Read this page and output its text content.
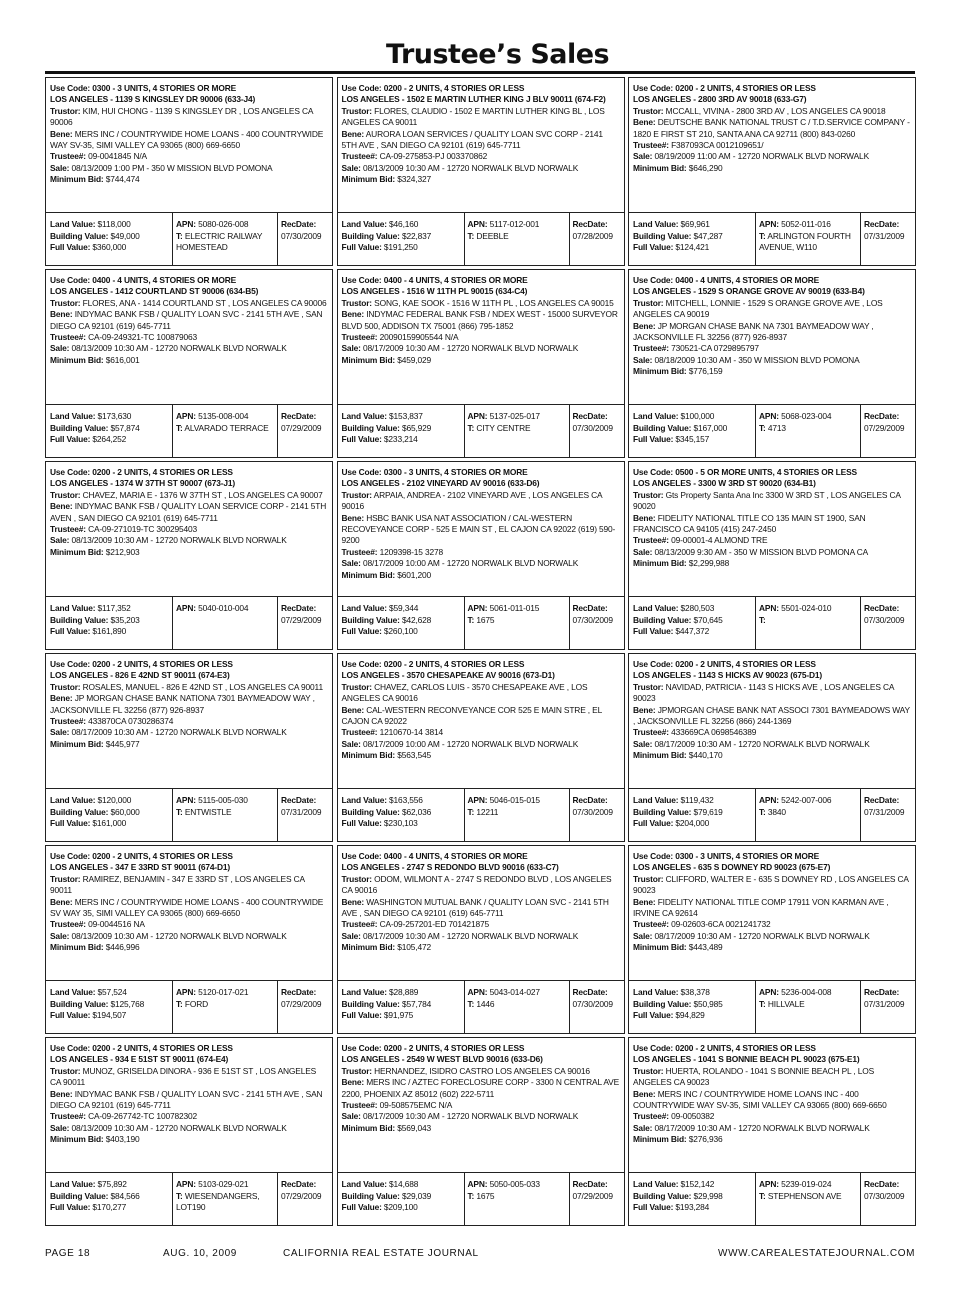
Trustee’s Sales
Use Code: 0300 - 3 UNITS, 4 STORIES OR MORE
LOS ANGELES - 1139 S KINGSLEY DR 90006 (633-J4)
Trustor: KIM, HUI CHONG - 1139 S KINGSLEY DR , LOS ANGELES CA 90006
Bene: MERS INC / COUNTRYWIDE HOME LOANS - 400 COUNTRYWIDE WAY SV-35, SIMI VALLEY CA 93065 (800) 669-6650
Trustee#: 09-0041845 N/A
Sale: 08/13/2009 1:00 PM - 350 W MISSION BLVD POMONA
Minimum Bid: $744,474
Land Value: $118,000
Building Value: $49,000
Full Value: $360,000
APN: 5080-026-008
T: ELECTRIC RAILWAY HOMESTEAD
RecDate:
07/30/2009
Use Code: 0200 - 2 UNITS, 4 STORIES OR LESS
LOS ANGELES - 1502 E MARTIN LUTHER KING J BLV 90011 (674-F2)
Trustor: FLORES, CLAUDIO - 1502 E MARTIN LUTHER KING BL , LOS ANGELES CA 90011
Bene: AURORA LOAN SERVICES / QUALITY LOAN SVC CORP - 2141 5TH AVE , SAN DIEGO CA 92101 (619) 645-7711
Trustee#: CA-09-275853-PJ 003370862
Sale: 08/13/2009 10:30 AM - 12720 NORWALK BLVD NORWALK
Minimum Bid: $324,327
Land Value: $46,160
Building Value: $22,837
Full Value: $191,250
APN: 5117-012-001
T: DEEBLE
RecDate:
07/28/2009
Use Code: 0200 - 2 UNITS, 4 STORIES OR LESS
LOS ANGELES - 2800 3RD AV 90018 (633-G7)
Trustor: MCCALL, VIVINA - 2800 3RD AV , LOS ANGELES CA 90018
Bene: DEUTSCHE BANK NATIONAL TRUST C / T.D.SERVICE COMPANY - 1820 E FIRST ST 210, SANTA ANA CA 92711 (800) 843-0260
Trustee#: F387093CA 0012109651/
Sale: 08/19/2009 11:00 AM - 12720 NORWALK BLVD NORWALK
Minimum Bid: $646,290
Land Value: $69,961
Building Value: $47,287
Full Value: $124,421
APN: 5052-011-016
T: ARLINGTON FOURTH AVENUE, W110
RecDate:
07/31/2009
Use Code: 0400 - 4 UNITS, 4 STORIES OR MORE
LOS ANGELES - 1412 COURTLAND ST 90006 (634-B5)
Trustor: FLORES, ANA - 1414 COURTLAND ST , LOS ANGELES CA 90006
Bene: INDYMAC BANK FSB / QUALITY LOAN SVC - 2141 5TH AVE , SAN DIEGO CA 92101 (619) 645-7711
Trustee#: CA-09-249321-TC 100879063
Sale: 08/13/2009 10:30 AM - 12720 NORWALK BLVD NORWALK
Minimum Bid: $616,001
Land Value: $173,630
Building Value: $57,874
Full Value: $264,252
APN: 5135-008-004
T: ALVARADO TERRACE
RecDate:
07/29/2009
Use Code: 0400 - 4 UNITS, 4 STORIES OR MORE
LOS ANGELES - 1516 W 11TH PL 90015 (634-C4)
Trustor: SONG, KAE SOOK - 1516 W 11TH PL , LOS ANGELES CA 90015
Bene: INDYMAC FEDERAL BANK FSB / NDEX WEST - 15000 SURVEYOR BLVD 500, ADDISON TX 75001 (866) 795-1852
Trustee#: 20090159905544 N/A
Sale: 08/17/2009 10:30 AM - 12720 NORWALK BLVD NORWALK
Minimum Bid: $459,029
Land Value: $153,837
Building Value: $65,929
Full Value: $233,214
APN: 5137-025-017
T: CITY CENTRE
RecDate:
07/30/2009
Use Code: 0400 - 4 UNITS, 4 STORIES OR MORE
LOS ANGELES - 1529 S ORANGE GROVE AV 90019 (633-B4)
Trustor: MITCHELL, LONNIE - 1529 S ORANGE GROVE AVE , LOS ANGELES CA 90019
Bene: JP MORGAN CHASE BANK NA 7301 BAYMEADOW WAY , JACKSONVILLE FL 32256 (877) 926-8937
Trustee#: 730521-CA 0729895797
Sale: 08/18/2009 10:30 AM - 350 W MISSION BLVD POMONA
Minimum Bid: $776,159
Land Value: $100,000
Building Value: $167,000
Full Value: $345,157
APN: 5068-023-004
T: 4713
RecDate:
07/29/2009
Use Code: 0200 - 2 UNITS, 4 STORIES OR LESS
LOS ANGELES - 1374 W 37TH ST 90007 (673-J1)
Trustor: CHAVEZ, MARIA E - 1376 W 37TH ST , LOS ANGELES CA 90007
Bene: INDYMAC BANK FSB / QUALITY LOAN SERVICE CORP - 2141 5TH AVEN , SAN DIEGO CA 92101 (619) 645-7711
Trustee#: CA-09-271019-TC 300295403
Sale: 08/13/2009 10:30 AM - 12720 NORWALK BLVD NORWALK
Minimum Bid: $212,903
Land Value: $117,352
Building Value: $35,203
Full Value: $161,890
APN: 5040-010-004	RecDate:
07/29/2009
Use Code: 0300 - 3 UNITS, 4 STORIES OR MORE
LOS ANGELES - 2102 VINEYARD AV 90016 (633-D6)
Trustor: ARPAIA, ANDREA - 2102 VINEYARD AVE , LOS ANGELES CA 90016
Bene: HSBC BANK USA NAT ASSOCIATION / CAL-WESTERN RECOVEYANCE CORP - 525 E MAIN ST , EL CAJON CA 92022 (619) 590-9200
Trustee#: 1209398-15 3278
Sale: 08/17/2009 10:00 AM - 12720 NORWALK BLVD NORWALK
Minimum Bid: $601,200
Land Value: $59,344
Building Value: $42,628
Full Value: $260,100
APN: 5061-011-015
T: 1675
RecDate:
07/30/2009
Use Code: 0500 - 5 OR MORE UNITS, 4 STORIES OR LESS
LOS ANGELES - 3300 W 3RD ST 90020 (634-B1)
Trustor: Gts Property Santa Ana Inc 3300 W 3RD ST , LOS ANGELES CA 90020
Bene: FIDELITY NATIONAL TITLE CO 135 MAIN ST 1900, SAN FRANCISCO CA 94105 (415) 247-2450
Trustee#: 09-00001-4 ALMOND TRE
Sale: 08/13/2009 9:30 AM - 350 W MISSION BLVD POMONA CA
Minimum Bid: $2,299,988
Land Value: $280,503
Building Value: $70,645
Full Value: $447,372
APN: 5501-024-010
T:
RecDate:
07/30/2009
Use Code: 0200 - 2 UNITS, 4 STORIES OR LESS
LOS ANGELES - 826 E 42ND ST 90011 (674-E3)
Trustor: ROSALES, MANUEL - 826 E 42ND ST , LOS ANGELES CA 90011
Bene: JP MORGAN CHASE BANK NATIONA 7301 BAYMEADOW WAY , JACKSONVILLE FL 32256 (877) 926-8937
Trustee#: 433870CA 0730286374
Sale: 08/17/2009 10:30 AM - 12720 NORWALK BLVD NORWALK
Minimum Bid: $445,977
Land Value: $120,000
Building Value: $60,000
Full Value: $161,000
APN: 5115-005-030
T: ENTWISTLE
RecDate:
07/31/2009
Use Code: 0200 - 2 UNITS, 4 STORIES OR LESS
LOS ANGELES - 3570 CHESAPEAKE AV 90016 (673-D1)
Trustor: CHAVEZ, CARLOS LUIS - 3570 CHESAPEAKE AVE , LOS ANGELES CA 90016
Bene: CAL-WESTERN RECONVEYANCE COR 525 E MAIN STRE , EL CAJON CA 92022
Trustee#: 1210670-14 3814
Sale: 08/17/2009 10:00 AM - 12720 NORWALK BLVD NORWALK
Minimum Bid: $563,545
Land Value: $163,556
Building Value: $62,036
Full Value: $230,103
APN: 5046-015-015
T: 12211
RecDate:
07/30/2009
Use Code: 0200 - 2 UNITS, 4 STORIES OR LESS
LOS ANGELES - 1143 S HICKS AV 90023 (675-D1)
Trustor: NAVIDAD, PATRICIA - 1143 S HICKS AVE , LOS ANGELES CA 90023
Bene: JPMORGAN CHASE BANK NAT ASSOCI 7301 BAYMEADOWS WAY , JACKSONVILLE FL 32256 (866) 244-1369
Trustee#: 433669CA 0698546389
Sale: 08/17/2009 10:30 AM - 12720 NORWALK BLVD NORWALK
Minimum Bid: $440,170
Land Value: $119,432
Building Value: $79,619
Full Value: $204,000
APN: 5242-007-006
T: 3840
RecDate:
07/31/2009
Use Code: 0200 - 2 UNITS, 4 STORIES OR LESS
LOS ANGELES - 347 E 33RD ST 90011 (674-D1)
Trustor: RAMIREZ, BENJAMIN - 347 E 33RD ST , LOS ANGELES CA 90011
Bene: MERS INC / COUNTRYWIDE HOME LOANS - 400 COUNTRYWIDE SV WAY 35, SIMI VALLEY CA 93065 (800) 669-6650
Trustee#: 09-0044516 NA
Sale: 08/13/2009 10:30 AM - 12720 NORWALK BLVD NORWALK
Minimum Bid: $446,996
Land Value: $57,524
Building Value: $125,768
Full Value: $194,507
APN: 5120-017-021
T: FORD
RecDate:
07/29/2009
Use Code: 0400 - 4 UNITS, 4 STORIES OR MORE
LOS ANGELES - 2747 S REDONDO BLVD 90016 (633-C7)
Trustor: ODOM, WILMONT A - 2747 S REDONDO BLVD , LOS ANGELES CA 90016
Bene: WASHINGTON MUTUAL BANK / QUALITY LOAN SVC - 2141 5TH AVE , SAN DIEGO CA 92101 (619) 645-7711
Trustee#: CA-09-257201-ED 701421875
Sale: 08/17/2009 10:30 AM - 12720 NORWALK BLVD NORWALK
Minimum Bid: $105,472
Land Value: $28,889
Building Value: $57,784
Full Value: $91,975
APN: 5043-014-027
T: 1446
RecDate:
07/30/2009
Use Code: 0300 - 3 UNITS, 4 STORIES OR MORE
LOS ANGELES - 635 S DOWNEY RD 90023 (675-E7)
Trustor: CLIFFORD, WALTER E - 635 S DOWNEY RD , LOS ANGELES CA 90023
Bene: FIDELITY NATIONAL TITLE COMP 17911 VON KARMAN AVE , IRVINE CA 92614
Trustee#: 09-02603-6CA 0021241732
Sale: 08/17/2009 10:30 AM - 12720 NORWALK BLVD NORWALK
Minimum Bid: $443,489
Land Value: $38,378
Building Value: $50,985
Full Value: $94,829
APN: 5236-004-008
T: HILLVALE
RecDate:
07/31/2009
Use Code: 0200 - 2 UNITS, 4 STORIES OR LESS
LOS ANGELES - 934 E 51ST ST 90011 (674-E4)
Trustor: MUNOZ, GRISELDA DINORA - 936 E 51ST ST , LOS ANGELES CA 90011
Bene: INDYMAC BANK FSB / QUALITY LOAN SVC - 2141 5TH AVE , SAN DIEGO CA 92101 (619) 645-7711
Trustee#: CA-09-267742-TC 100782302
Sale: 08/13/2009 10:30 AM - 12720 NORWALK BLVD NORWALK
Minimum Bid: $403,190
Land Value: $75,892
Building Value: $84,566
Full Value: $170,277
APN: 5103-029-021
T: WIESENDANGERS, LOT190
RecDate:
07/29/2009
Use Code: 0200 - 2 UNITS, 4 STORIES OR LESS
LOS ANGELES - 2549 W WEST BLVD 90016 (633-D6)
Trustor: HERNANDEZ, ISIDRO CASTRO LOS ANGELES CA 90016
Bene: MERS INC / AZTEC FORECLOSURE CORP - 3300 N CENTRAL AVE 2200, PHOENIX AZ 85012 (602) 222-5711
Trustee#: 09-508575EMC N/A
Sale: 08/17/2009 10:30 AM - 12720 NORWALK BLVD NORWALK
Minimum Bid: $569,043
Land Value: $14,688
Building Value: $29,039
Full Value: $209,100
APN: 5050-005-033
T: 1675
RecDate:
07/29/2009
Use Code: 0200 - 2 UNITS, 4 STORIES OR LESS
LOS ANGELES - 1041 S BONNIE BEACH PL 90023 (675-E1)
Trustor: HUERTA, ROLANDO - 1041 S BONNIE BEACH PL , LOS ANGELES CA 90023
Bene: MERS INC / COUNTRYWIDE HOME LOANS INC - 400 COUNTRYWIDE WAY SV-35, SIMI VALLEY CA 93065 (800) 669-6650
Trustee#: 09-0050382
Sale: 08/17/2009 10:30 AM - 12720 NORWALK BLVD NORWALK
Minimum Bid: $276,936
Land Value: $152,142
Building Value: $29,998
Full Value: $193,284
APN: 5239-019-024
T: STEPHENSON AVE
RecDate:
07/30/2009
PAGE 18	AUG. 10, 2009	CALIFORNIA REAL ESTATE JOURNAL	WWW.CAREALESTATEJOURNAL.COM
